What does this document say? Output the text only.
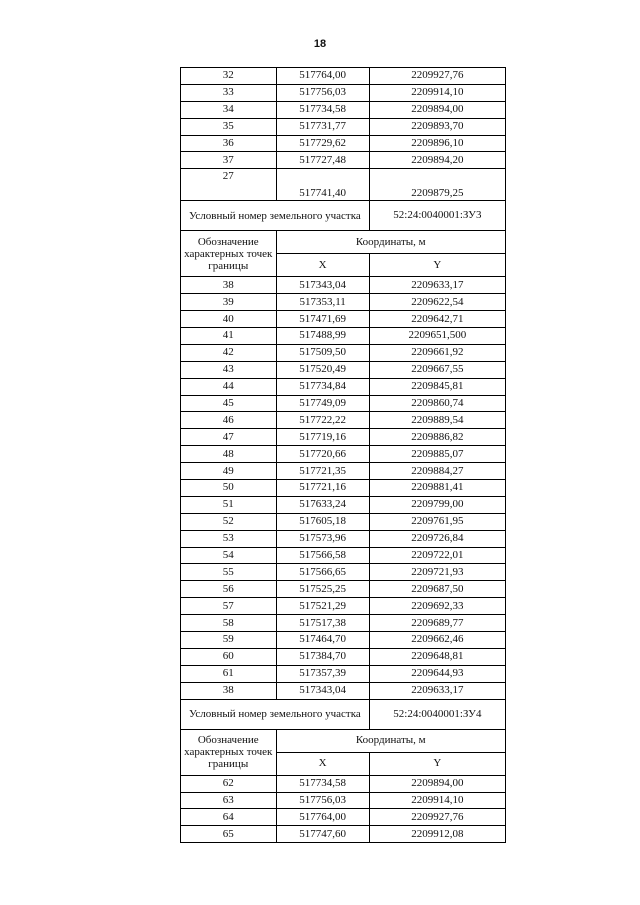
18
32	517764,00	2209927,76
33	517756,03	2209914,10
34	517734,58	2209894,00
35	517731,77	2209893,70
36	517729,62	2209896,10
37	517727,48	2209894,20
27	517741,40	2209879,25
Условный номер земельного участка		52:24:0040001:ЗУ3
Обозначение характерных точек границы	Координаты, м	
	X	Y
38	517343,04	2209633,17
39	517353,11	2209622,54
40	517471,69	2209642,71
41	517488,99	2209651,500
42	517509,50	2209661,92
43	517520,49	2209667,55
44	517734,84	2209845,81
45	517749,09	2209860,74
46	517722,22	2209889,54
47	517719,16	2209886,82
48	517720,66	2209885,07
49	517721,35	2209884,27
50	517721,16	2209881,41
51	517633,24	2209799,00
52	517605,18	2209761,95
53	517573,96	2209726,84
54	517566,58	2209722,01
55	517566,65	2209721,93
56	517525,25	2209687,50
57	517521,29	2209692,33
58	517517,38	2209689,77
59	517464,70	2209662,46
60	517384,70	2209648,81
61	517357,39	2209644,93
38	517343,04	2209633,17
Условный номер земельного участка		52:24:0040001:ЗУ4
Обозначение характерных точек границы	Координаты, м	
	X	Y
62	517734,58	2209894,00
63	517756,03	2209914,10
64	517764,00	2209927,76
65	517747,60	2209912,08
